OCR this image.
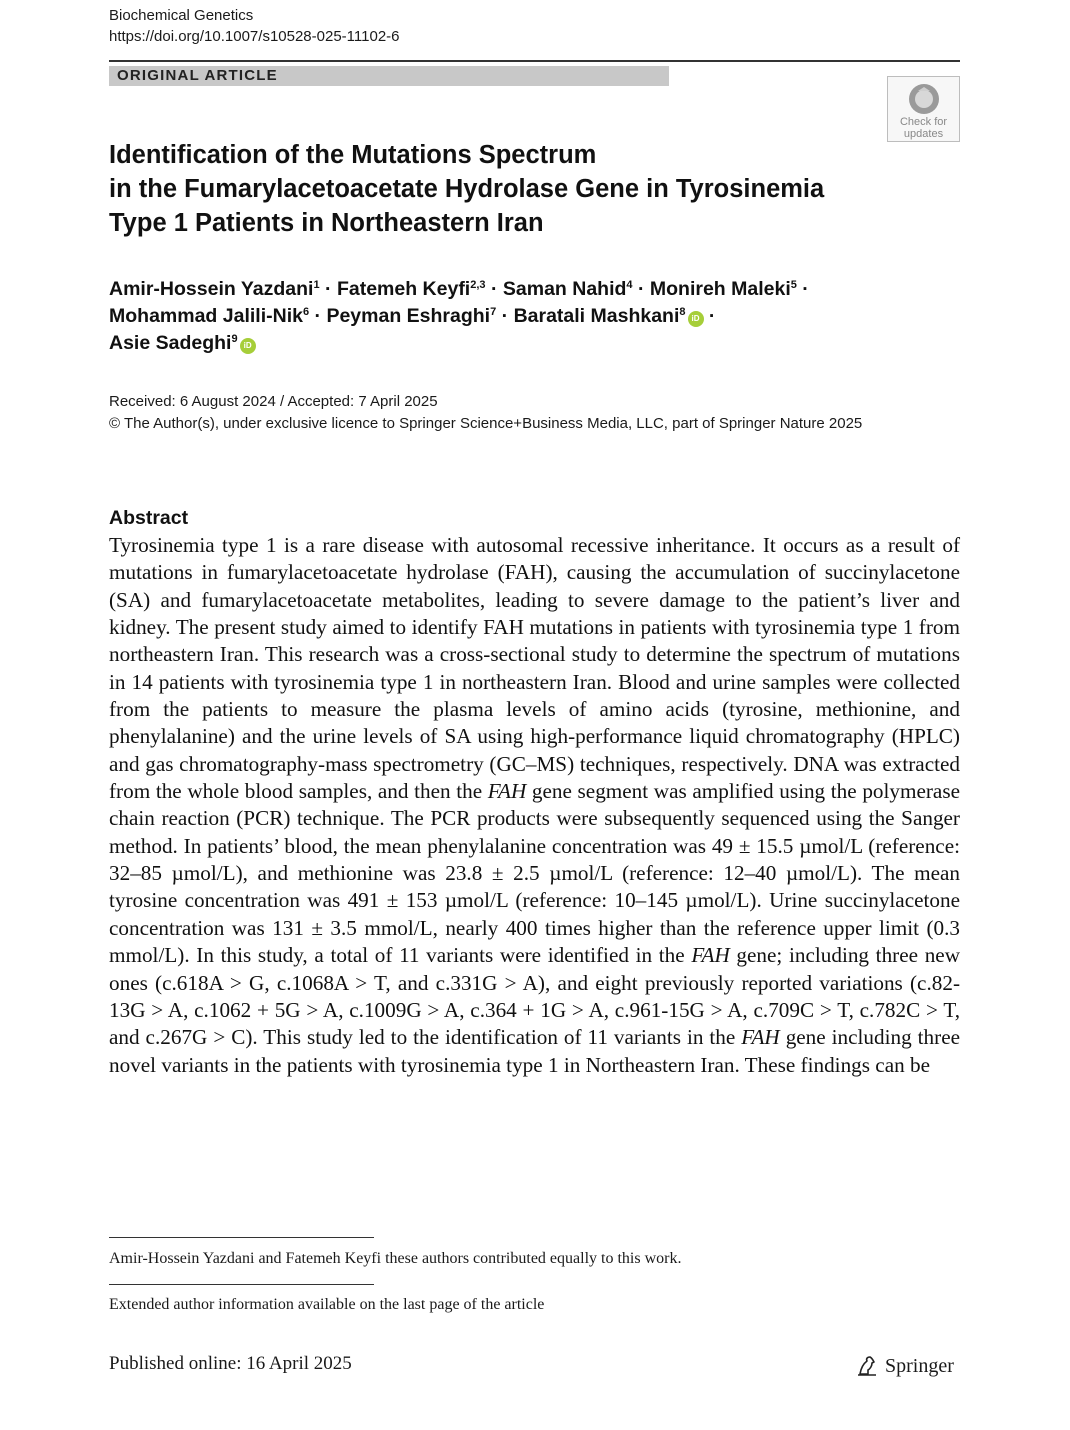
Biochemical Genetics
https://doi.org/10.1007/s10528-025-11102-6
ORIGINAL ARTICLE
Check for
updates
Identification of the Mutations Spectrum
in the Fumarylacetoacetate Hydrolase Gene in Tyrosinemia
Type 1 Patients in Northeastern Iran
Amir-Hossein Yazdani$^1$ · Fatemeh Keyfi$^{2,3}$ · Saman Nahid$^4$ · Monireh Maleki$^5$ ·
Mohammad Jalili-Nik$^6$ · Peyman Eshraghi$^7$ · Baratali Mashkani$^8$iD ·
Asie Sadeghi$^9$iD
Received: 6 August 2024 / Accepted: 7 April 2025
© The Author(s), under exclusive licence to Springer Science+Business Media, LLC, part of Springer Nature 2025
Abstract

Tyrosinemia type 1 is a rare disease with autosomal recessive inheritance. It occurs as a result of mutations in fumarylacetoacetate hydrolase (FAH), causing the accumulation of succinylacetone (SA) and fumarylacetoacetate metabolites, leading to severe damage to the patient’s liver and kidney. The present study aimed to identify FAH mutations in patients with tyrosinemia type 1 from northeastern Iran. This research was a cross-sectional study to determine the spectrum of mutations in 14 patients with tyrosinemia type 1 in northeastern Iran. Blood and urine samples were collected from the patients to measure the plasma levels of amino acids (tyrosine, methionine, and phenylalanine) and the urine levels of SA using high-performance liquid chromatography (HPLC) and gas chromatography-mass spectrometry (GC–MS) techniques, respectively. DNA was extracted from the whole blood samples, and then the FAH gene segment was amplified using the polymerase chain reaction (PCR) technique. The PCR products were subsequently sequenced using the Sanger method. In patients’ blood, the mean phenylalanine concentration was 49 ± 15.5 µmol/L (reference: 32–85 µmol/L), and methionine was 23.8 ± 2.5 µmol/L (reference: 12–40 µmol/L). The mean tyrosine concentration was 491 ± 153 µmol/L (reference: 10–145 µmol/L). Urine succinylacetone concentration was 131 ± 3.5 mmol/L, nearly 400 times higher than the reference upper limit (0.3 mmol/L). In this study, a total of 11 variants were identified in the FAH gene; including three new ones (c.618A > G, c.1068A > T, and c.331G > A), and eight previously reported variations (c.82-13G > A, c.1062 + 5G > A, c.1009G > A, c.364 + 1G > A, c.961-15G > A, c.709C > T, c.782C > T, and c.267G > C). This study led to the identification of 11 variants in the FAH gene including three novel variants in the patients with tyrosinemia type 1 in Northeastern Iran. These findings can be

Amir-Hossein Yazdani and Fatemeh Keyfi these authors contributed equally to this work.
Extended author information available on the last page of the article
Published online: 16 April 2025	Springer
